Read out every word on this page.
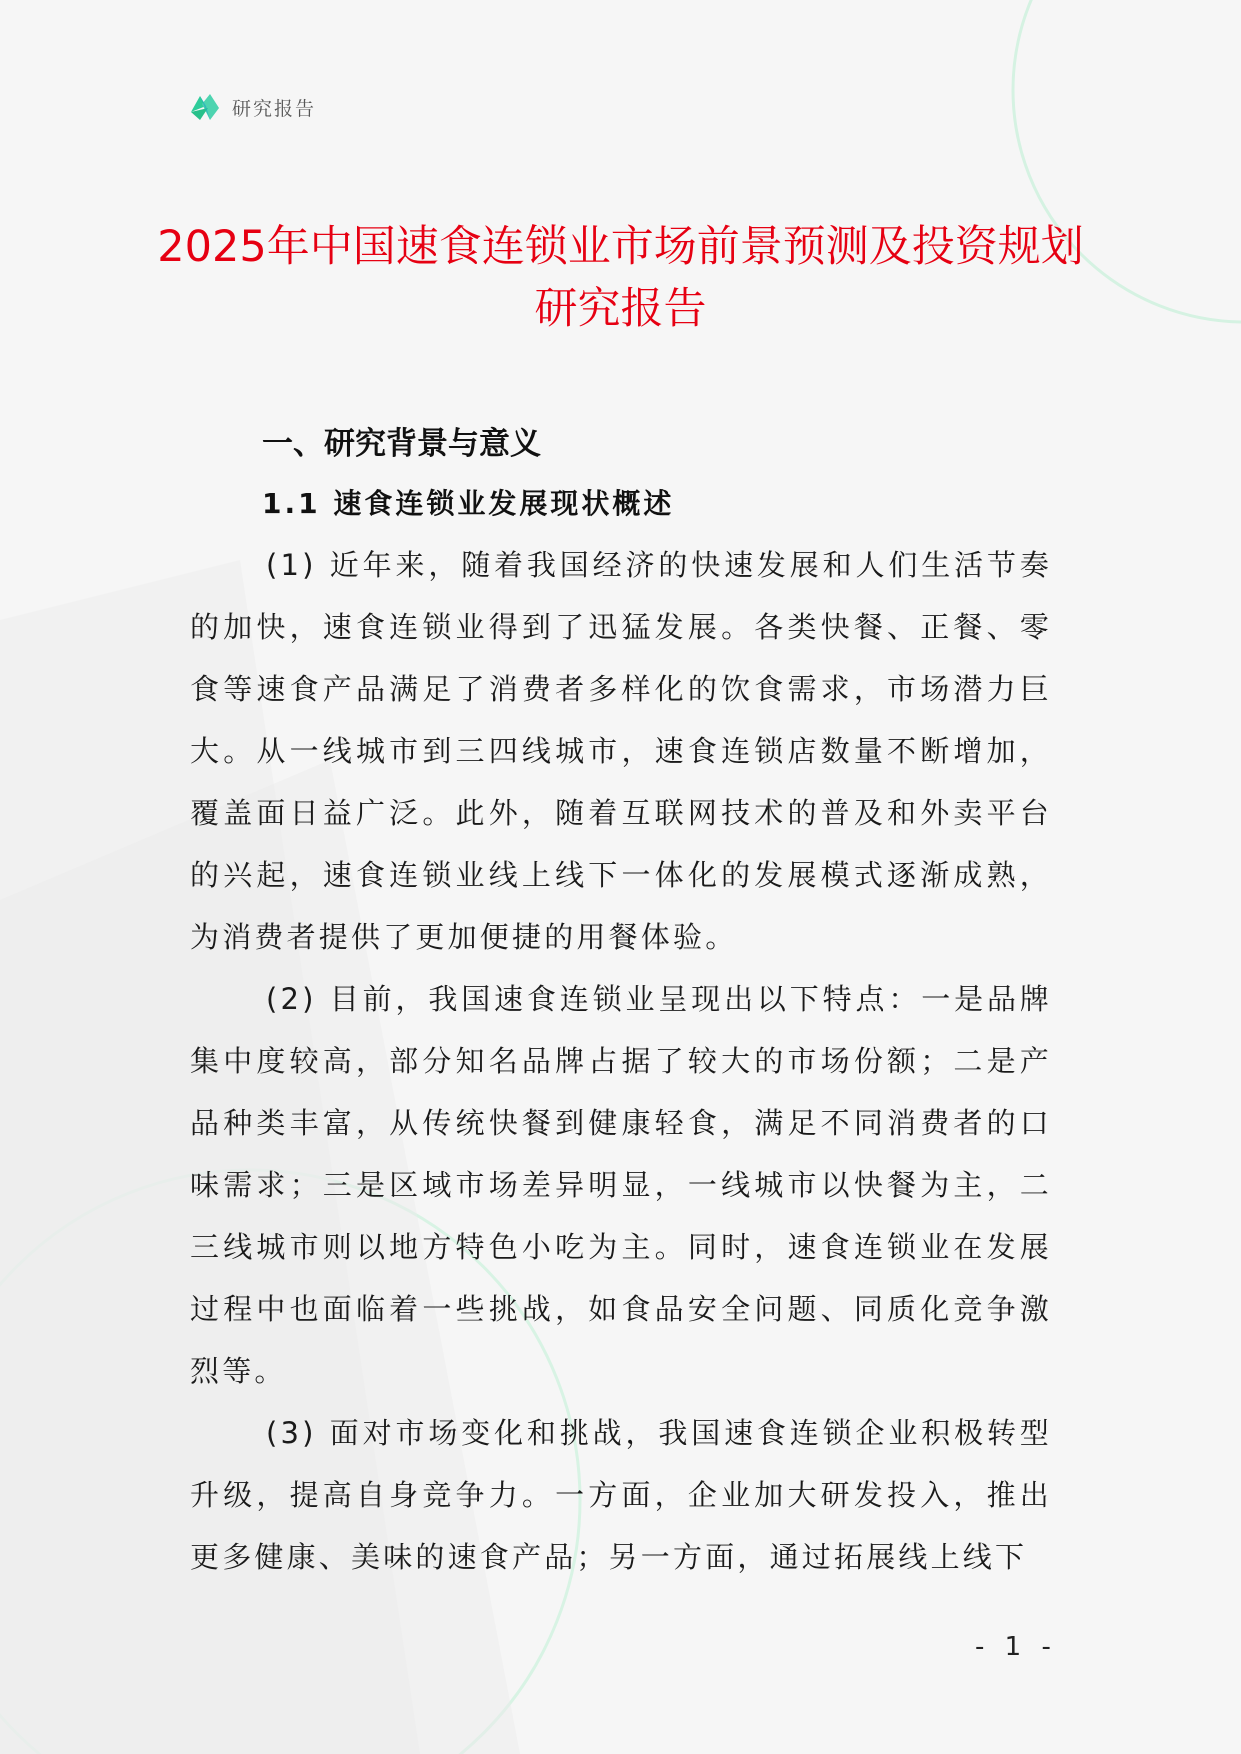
研究报告
2025年中国速食连锁业市场前景预测及投资规划研究报告
一、研究背景与意义
1.1 速食连锁业发展现状概述

(1) 近年来，随着我国经济的快速发展和人们生活节奏的加快，速食连锁业得到了迅猛发展。各类快餐、正餐、零食等速食产品满足了消费者多样化的饮食需求，市场潜力巨大。从一线城市到三四线城市，速食连锁店数量不断增加，覆盖面日益广泛。此外，随着互联网技术的普及和外卖平台的兴起，速食连锁业线上线下一体化的发展模式逐渐成熟，为消费者提供了更加便捷的用餐体验。

(2) 目前，我国速食连锁业呈现出以下特点：一是品牌集中度较高，部分知名品牌占据了较大的市场份额；二是产品种类丰富，从传统快餐到健康轻食，满足不同消费者的口味需求；三是区域市场差异明显，一线城市以快餐为主，二三线城市则以地方特色小吃为主。同时，速食连锁业在发展过程中也面临着一些挑战，如食品安全问题、同质化竞争激烈等。

(3) 面对市场变化和挑战，我国速食连锁企业积极转型升级，提高自身竞争力。一方面，企业加大研发投入，推出更多健康、美味的速食产品；另一方面，通过拓展线上线下

- 1 -
